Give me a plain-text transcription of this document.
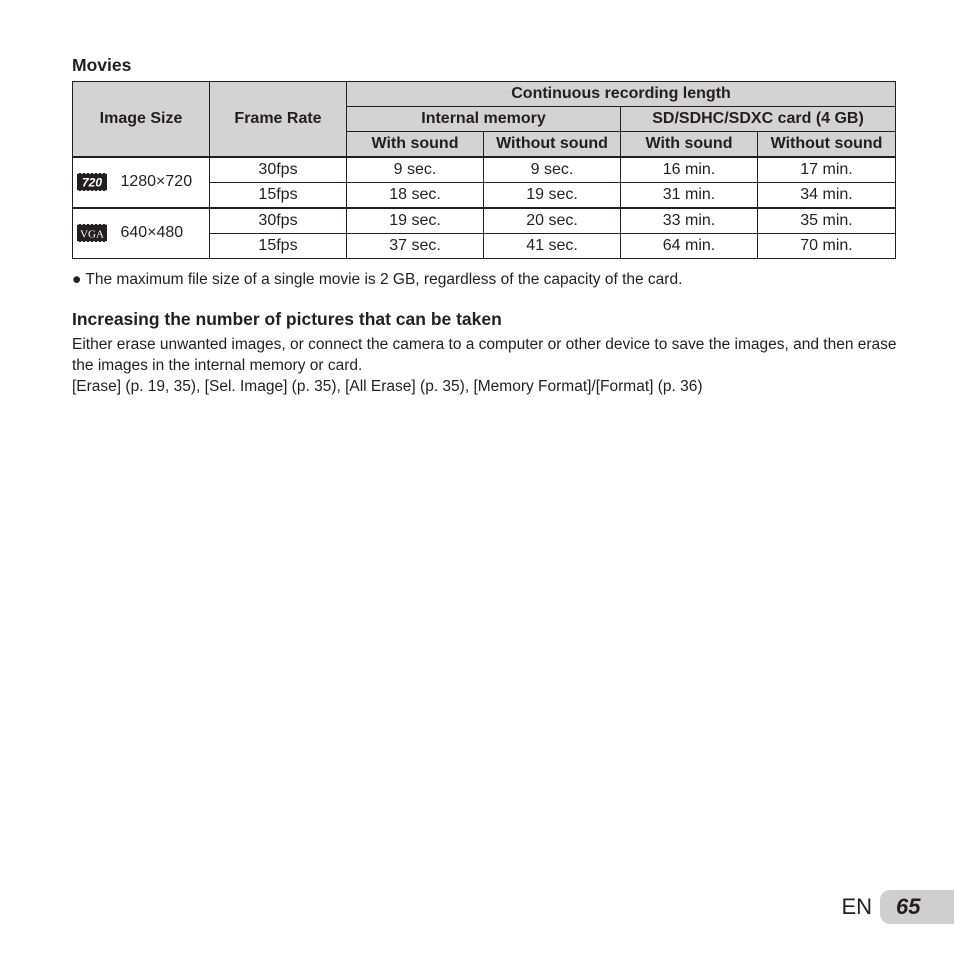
Movies
Image Size	Frame Rate	Continuous recording length			
		Internal memory		SD/SDHC/SDXC card (4 GB)	
		With sound	Without sound	With sound	Without sound

720 1280×720	30fps	9 sec.	9 sec.	16 min.	17 min.
	15fps	18 sec.	19 sec.	31 min.	34 min.

VGA 640×480	30fps	19 sec.	20 sec.	33 min.	35 min.
	15fps	37 sec.	41 sec.	64 min.	70 min.

● The maximum file size of a single movie is 2 GB, regardless of the capacity of the card.

Increasing the number of pictures that can be taken

Either erase unwanted images, or connect the camera to a computer or other device to save the images, and then erase the images in the internal memory or card.

[Erase] (p. 19, 35), [Sel. Image] (p. 35), [All Erase] (p. 35), [Memory Format]/[Format] (p. 36)

EN	65
